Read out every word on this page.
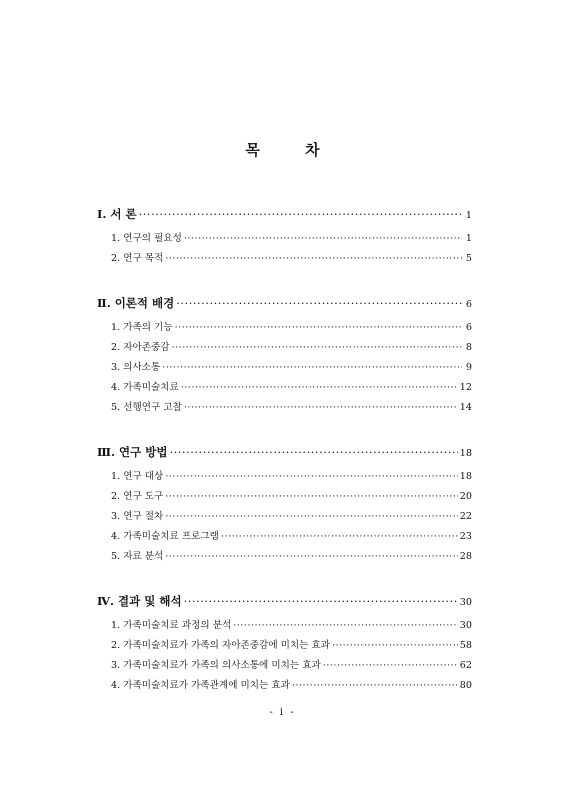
목 차
Ⅰ. 서 론 ·····	1
1. 연구의 필요성 ·····	1
2. 연구 목적 ·····	5
Ⅱ. 이론적 배경 ·····	6
1. 가족의 기능 ·····	6
2. 자아존중감 ·····	8
3. 의사소통 ·····	9
4. 가족미술치료 ·····	12
5. 선행연구 고찰 ·····	14
Ⅲ. 연구 방법 ·····	18
1. 연구 대상 ·····	18
2. 연구 도구 ·····	20
3. 연구 절차 ·····	22
4. 가족미술치료 프로그램 ·····	23
5. 자료 분석 ·····	28
Ⅳ. 결과 및 해석 ·····	30
1. 가족미술치료 과정의 분석 ·····	30
2. 가족미술치료가 가족의 자아존중감에 미치는 효과 ·····	58
3. 가족미술치료가 가족의 의사소통에 미치는 효과 ·····	62
4. 가족미술치료가 가족관계에 미치는 효과 ·····	80
- i -
